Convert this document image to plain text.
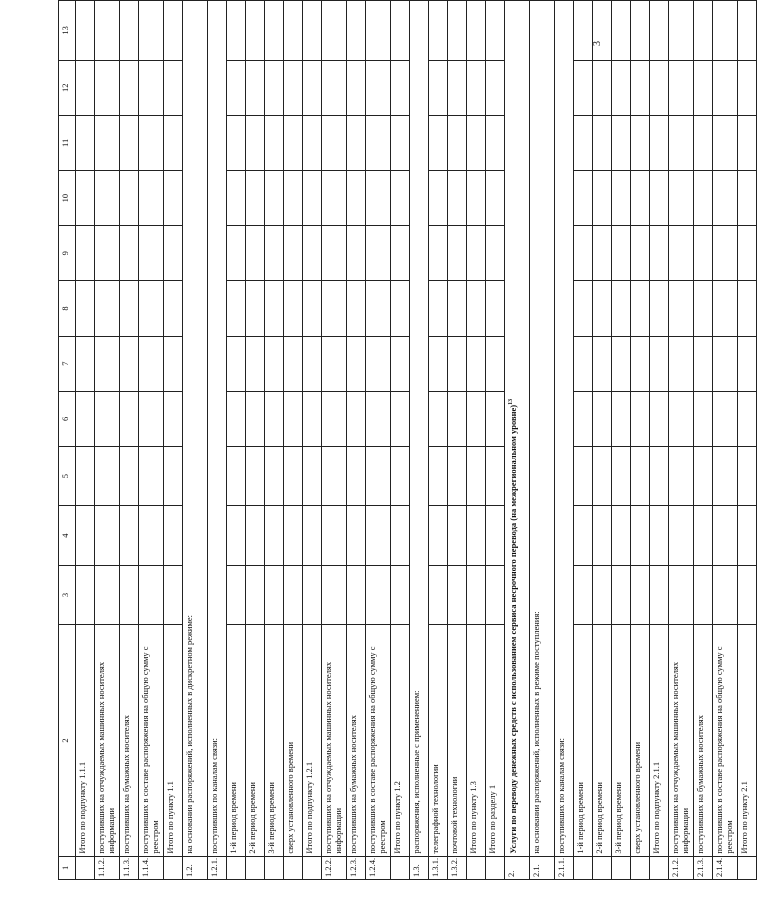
3
1	2	3	4	5	6	7	8	9	10	11	12	13
	Итого по подпункту 1.1.1											
1.1.2.	поступивших на отчуждаемых машинных носителях информации											
1.1.3.	поступивших на бумажных носителях											
1.1.4.	поступивших в составе распоряжения на общую сумму с реестром											
	Итого по пункту 1.1											
1.2.	на основании распоряжений, исполненных в дискретном режиме:											
1.2.1.	поступивших по каналам связи:											
	1-й период времени											
	2-й период времени											
	3-й период времени											
	сверх установленного времени											
	Итого по подпункту 1.2.1											
1.2.2.	поступивших на отчуждаемых машинных носителях информации											
1.2.3.	поступивших на бумажных носителях											
1.2.4.	поступивших в составе распоряжения на общую сумму с реестром											
	Итого по пункту 1.2											
1.3.	распоряжения, исполненные с применением:											
1.3.1.	телеграфной технологии											
1.3.2.	почтовой технологии											
	Итого по пункту 1.3											
	Итого по разделу 1											
2.	Услуги по переводу денежных средств с использованием сервиса несрочного перевода (на межрегиональном уровне)$^{13}$
2.1.	на основании распоряжений, исполненных в режиме поступления:											
2.1.1.	поступивших по каналам связи:											
	1-й период времени											
	2-й период времени											
	3-й период времени											
	сверх установленного времени											
	Итого по подпункту 2.1.1											
2.1.2.	поступивших на отчуждаемых машинных носителях информации											
2.1.3.	поступивших на бумажных носителях											
2.1.4.	поступивших в составе распоряжения на общую сумму с реестром											
	Итого по пункту 2.1											
